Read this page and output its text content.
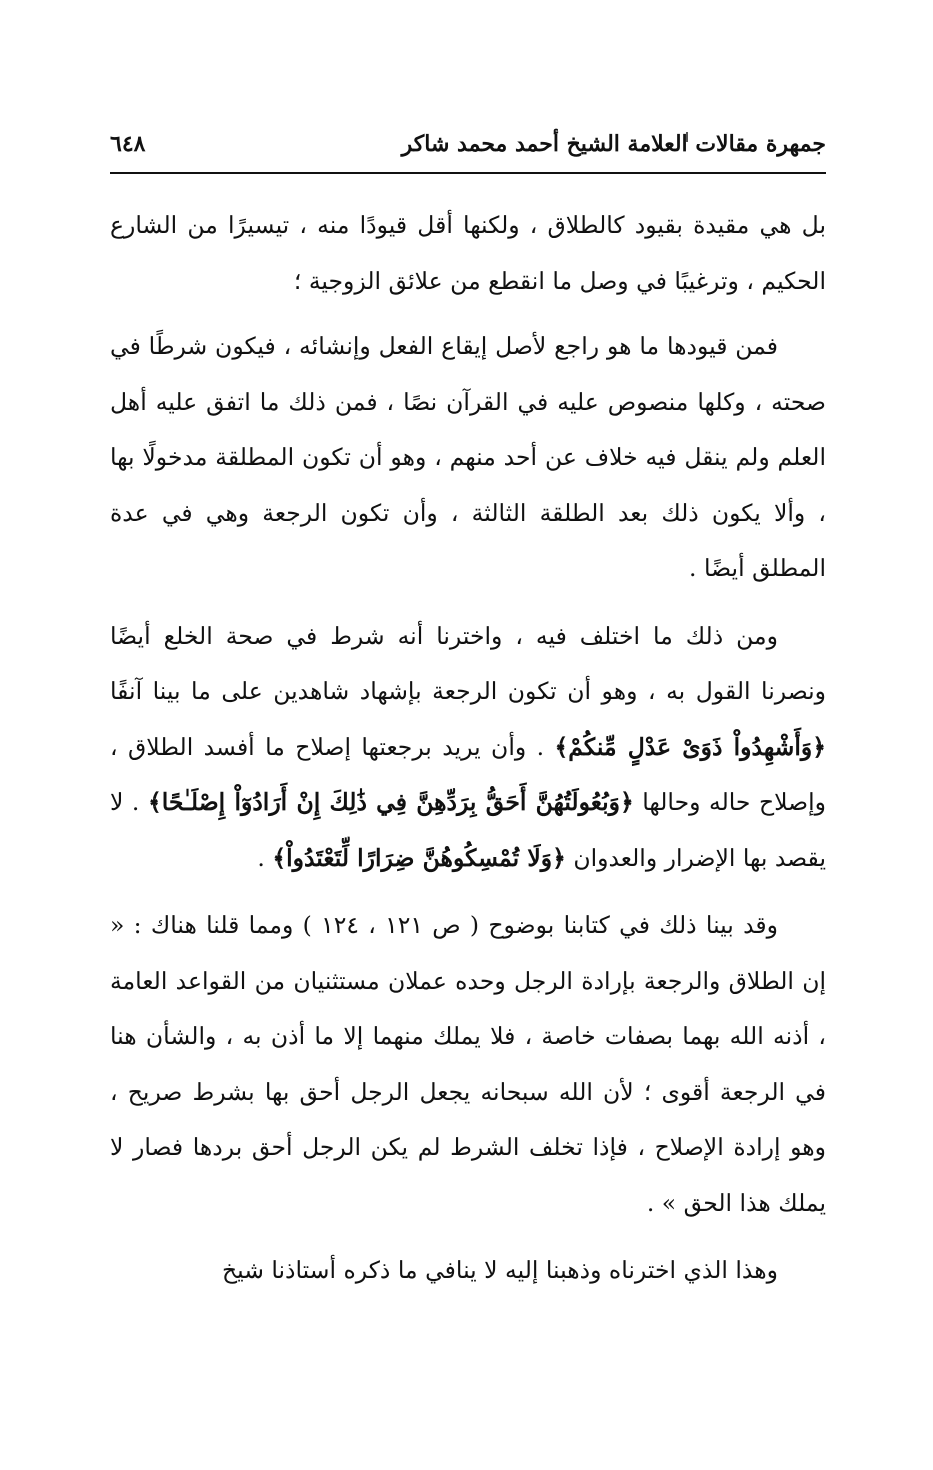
٦٤٨	جمهرة مقالات العلامة الشيخ أحمد محمد شاكر

بل هي مقيدة بقيود كالطلاق ، ولكنها أقل قيودًا منه ، تيسيرًا من الشارع الحكيم ، وترغيبًا في وصل ما انقطع من علائق الزوجية ؛

فمن قيودها ما هو راجع لأصل إيقاع الفعل وإنشائه ، فيكون شرطًا في صحته ، وكلها منصوص عليه في القرآن نصًا ، فمن ذلك ما اتفق عليه أهل العلم ولم ينقل فيه خلاف عن أحد منهم ، وهو أن تكون المطلقة مدخولًا بها ، وألا يكون ذلك بعد الطلقة الثالثة ، وأن تكون الرجعة وهي في عدة المطلق أيضًا .

ومن ذلك ما اختلف فيه ، واخترنا أنه شرط في صحة الخلع أيضًا ونصرنا القول به ، وهو أن تكون الرجعة بإشهاد شاهدين على ما بينا آنفًا ﴿وَأَشْهِدُواْ ذَوَىْ عَدْلٍ مِّنكُمْ﴾ . وأن يريد برجعتها إصلاح ما أفسد الطلاق ، وإصلاح حاله وحالها ﴿وَبُعُولَتُهُنَّ أَحَقُّ بِرَدِّهِنَّ فِي ذَٰلِكَ إِنْ أَرَادُوٓاْ إِصْلَـٰحًا﴾ . لا يقصد بها الإضرار والعدوان ﴿وَلَا تُمْسِكُوهُنَّ ضِرَارًا لِّتَعْتَدُواْ﴾ .

وقد بينا ذلك في كتابنا بوضوح ( ص ١٢١ ، ١٢٤ ) ومما قلنا هناك : « إن الطلاق والرجعة بإرادة الرجل وحده عملان مستثنيان من القواعد العامة ، أذنه الله بهما بصفات خاصة ، فلا يملك منهما إلا ما أذن به ، والشأن هنا في الرجعة أقوى ؛ لأن الله سبحانه يجعل الرجل أحق بها بشرط صريح ، وهو إرادة الإصلاح ، فإذا تخلف الشرط لم يكن الرجل أحق بردها فصار لا يملك هذا الحق » .

وهذا الذي اخترناه وذهبنا إليه لا ينافي ما ذكره أستاذنا شيخ
